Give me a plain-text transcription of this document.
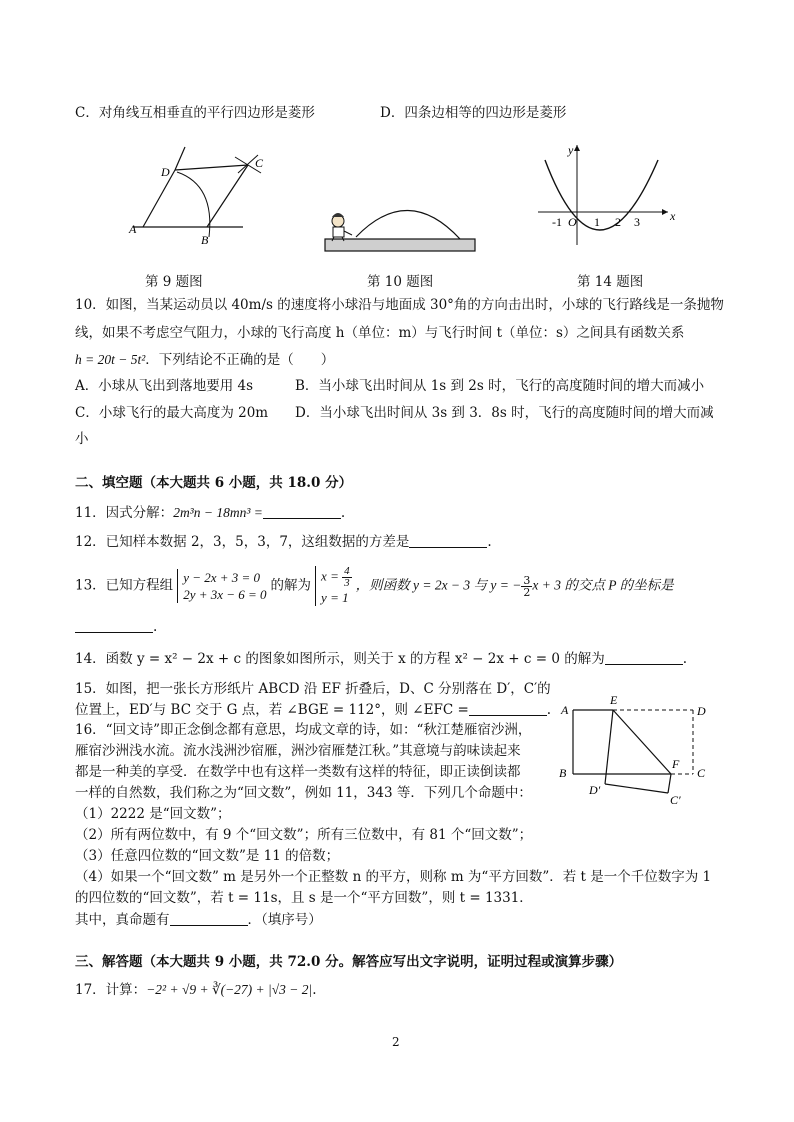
C．对角线互相垂直的平行四边形是菱形	D．四条边相等的四边形是菱形
A
B
C
D
第 9 题图	第 10 题图
x
y
O
-1	1 2 3
第 14 题图
10．如图，当某运动员以 40m/s 的速度将小球沿与地面成 30°角的方向击出时，小球的飞行路线是一条抛物
线，如果不考虑空气阻力，小球的飞行高度 h（单位：m）与飞行时间 t（单位：s）之间具有函数关系
h = 20t − 5t²．下列结论不正确的是（　　）
A．小球从飞出到落地要用 4s	B．当小球飞出时间从 1s 到 2s 时，飞行的高度随时间的增大而减小
C．小球飞行的最大高度为 20m D．当小球飞出时间从 3s 到 3．8s 时，飞行的高度随时间的增大而减
小
二、填空题（本大题共 6 小题，共 18.0 分）
11．因式分解：2m³n − 18mn³ =	.
12．已知样本数据 2，3，5，3，7，这组数据的方差是	.
13．已知方程组 y − 2x + 3 = 0
2y + 3x − 6 = 0的解为$x = \frac{4}{3}$

y = 1，则函数 y = 2x − 3 与 y = − $\frac{3}{2}$ x + 3 的交点 P 的坐标是
.
14．函数 y = x² − 2x + c 的图象如图所示，则关于 x 的方程 x² − 2x + c = 0 的解为	.
15．如图，把一张长方形纸片 ABCD 沿 EF 折叠后，D、C 分别落在 D′，C′的
位置上，ED′与 BC 交于 G 点，若 ∠BGE = 112°，则 ∠EFC =	. A
E
D
B
F
C
D′
C′
16．“回文诗”即正念倒念都有意思，均成文章的诗，如：“秋江楚雁宿沙洲，
雁宿沙洲浅水流。流水浅洲沙宿雁，洲沙宿雁楚江秋。”其意境与韵味读起来
都是一种美的享受．在数学中也有这样一类数有这样的特征，即正读倒读都
一样的自然数，我们称之为“回文数”，例如 11，343 等．下列几个命题中：
（1）2222 是“回文数”；
（2）所有两位数中，有 9 个“回文数”；所有三位数中，有 81 个“回文数”；
（3）任意四位数的“回文数”是 11 的倍数；
（4）如果一个“回文数” m 是另外一个正整数 n 的平方，则称 m 为“平方回数”．若 t 是一个千位数字为 1
的四位数的“回文数”，若 t = 11s，且 s 是一个“平方回数”，则 t = 1331．
其中，真命题有	．（填序号）
三、解答题（本大题共 9 小题，共 72.0 分。解答应写出文字说明，证明过程或演算步骤）
17．计算：−2² + √9 + ∛(−27) + |√3 − 2|.
2
